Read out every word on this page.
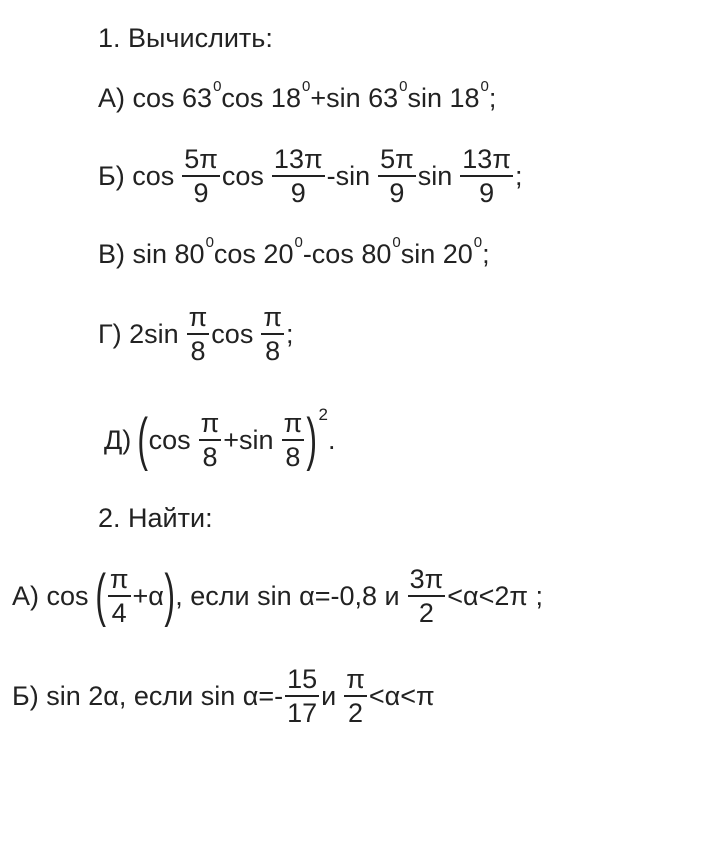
1. Вычислить:
А) cos 63 0 cos 18 0 +sin 63 0 sin 18 0 ;
Б) $\cos \frac{5\pi}{9}$ $\cos \frac{13\pi}{9} -\sin \frac{5\pi}{9}$ $\sin \frac{13\pi}{9}$ ;
В) sin 80 0 cos 20 0 -cos 80 0 sin 20 0 ;
Г) $2\sin \frac{\pi}{8}$ $\cos \frac{\pi}{8}$ ;
Д) ( $\cos \frac{\pi}{8} +\sin \frac{\pi}{8}$ ) 2
.
2. Найти:
А) cos ( $\frac{\pi}{4} +\alpha$ ) , если sin α=-0,8 и $\frac{3\pi}{2} <\alpha<2\pi$ ;
Б) sin 2α, если $\sin \alpha=- \frac{15}{17}$ и $\frac{\pi}{2} <\alpha<\pi$
